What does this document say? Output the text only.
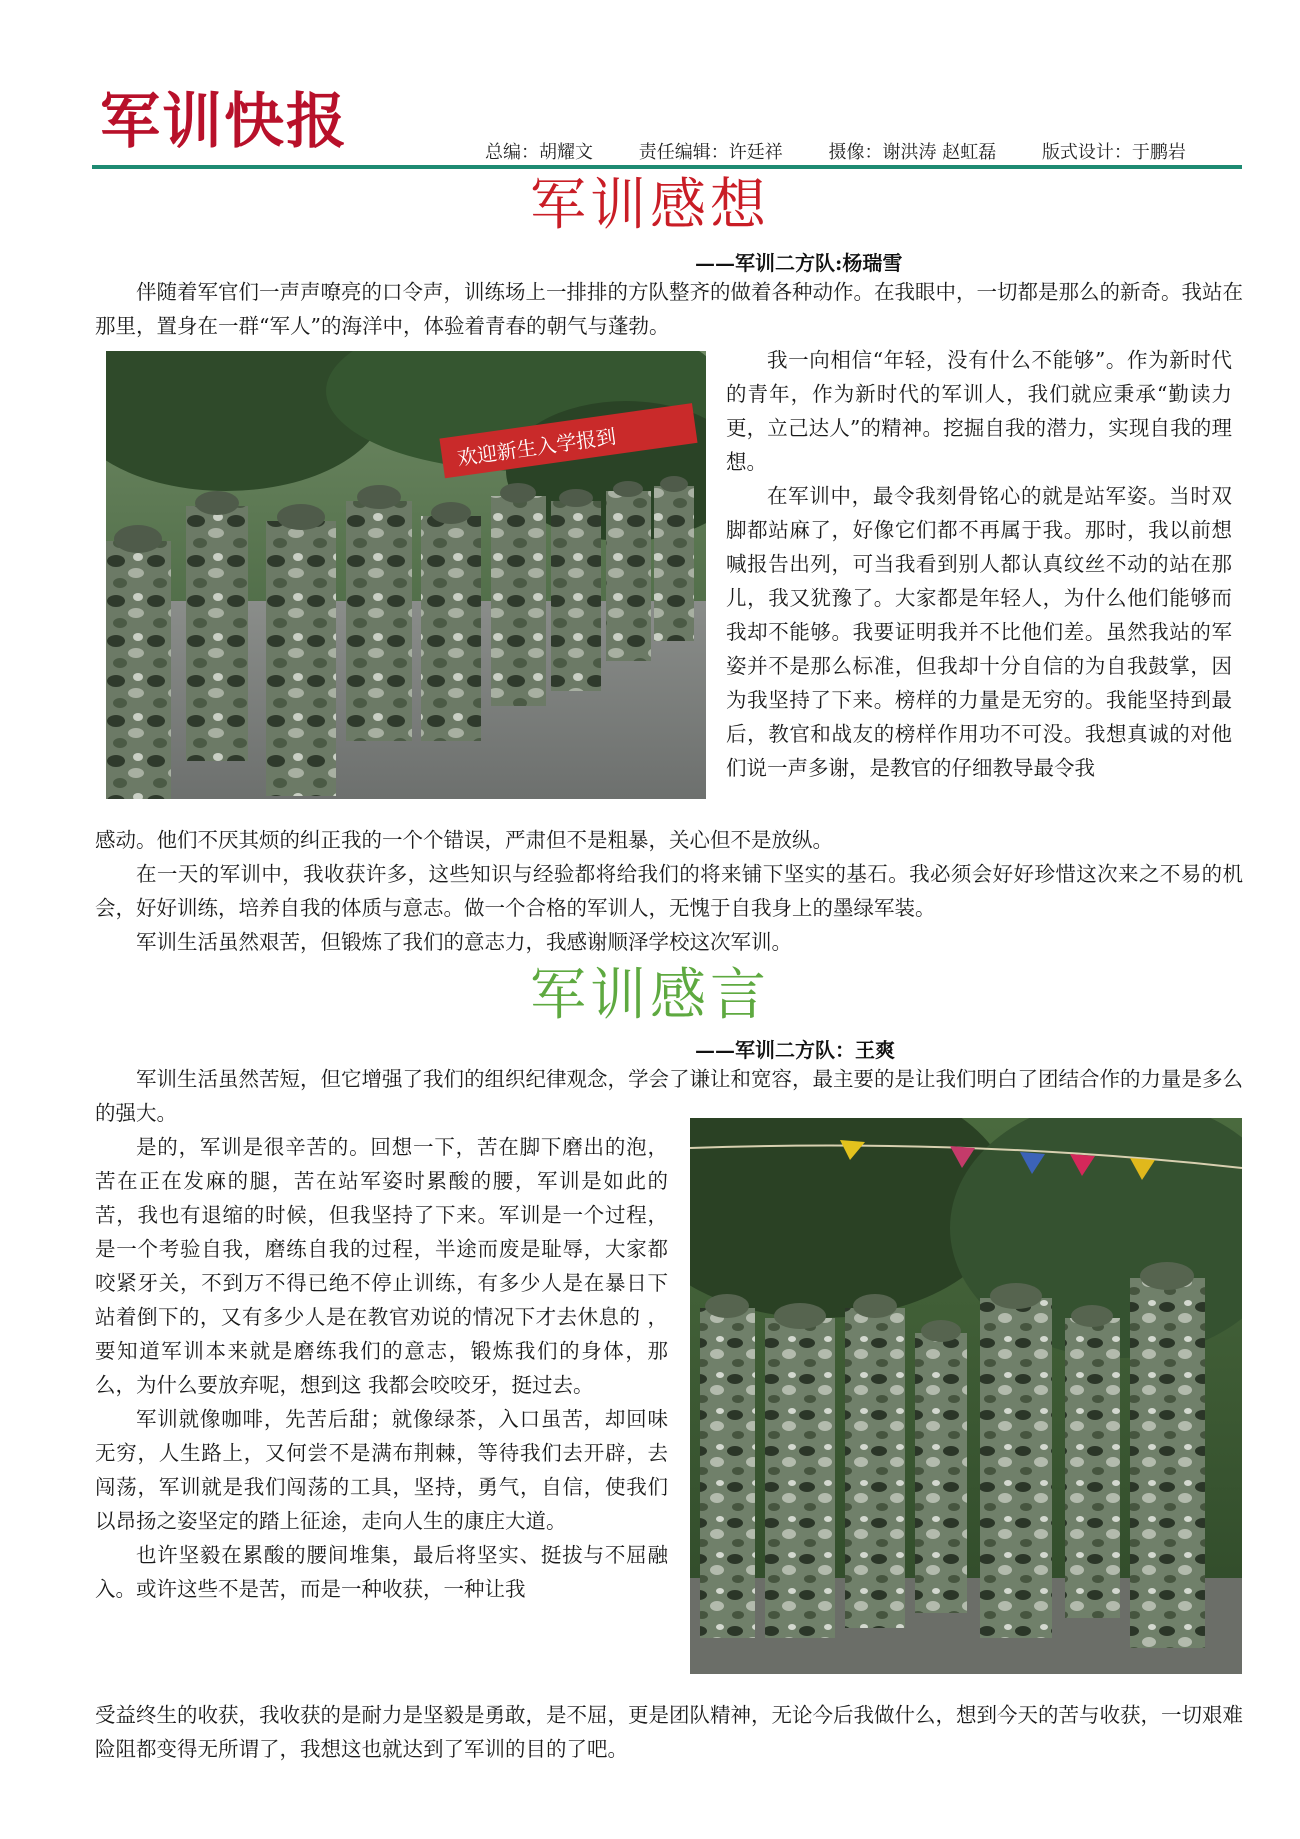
军训快报	总编：胡耀文	责任编辑：许廷祥	摄像：谢洪涛 赵虹磊	版式设计：于鹏岩
军训感想
——军训二方队:杨瑞雪

伴随着军官们一声声嘹亮的口令声，训练场上一排排的方队整齐的做着各种动作。在我眼中，一切都是那么的新奇。我站在那里，置身在一群“军人”的海洋中，体验着青春的朝气与蓬勃。

欢迎新生入学报到

我一向相信“年轻，没有什么不能够”。作为新时代的青年，作为新时代的军训人，我们就应秉承“勤读力更，立己达人”的精神。挖掘自我的潜力，实现自我的理想。

在军训中，最令我刻骨铭心的就是站军姿。当时双脚都站麻了，好像它们都不再属于我。那时，我以前想喊报告出列，可当我看到别人都认真纹丝不动的站在那儿，我又犹豫了。大家都是年轻人，为什么他们能够而我却不能够。我要证明我并不比他们差。虽然我站的军姿并不是那么标准，但我却十分自信的为自我鼓掌，因为我坚持了下来。榜样的力量是无穷的。我能坚持到最后，教官和战友的榜样作用功不可没。我想真诚的对他们说一声多谢，是教官的仔细教导最令我

感动。他们不厌其烦的纠正我的一个个错误，严肃但不是粗暴，关心但不是放纵。

在一天的军训中，我收获许多，这些知识与经验都将给我们的将来铺下坚实的基石。我必须会好好珍惜这次来之不易的机会，好好训练，培养自我的体质与意志。做一个合格的军训人，无愧于自我身上的墨绿军装。

军训生活虽然艰苦，但锻炼了我们的意志力，我感谢顺泽学校这次军训。

军训感言
——军训二方队：王爽

军训生活虽然苦短，但它增强了我们的组织纪律观念，学会了谦让和宽容，最主要的是让我们明白了团结合作的力量是多么的强大。

是的，军训是很辛苦的。回想一下，苦在脚下磨出的泡，苦在正在发麻的腿，苦在站军姿时累酸的腰，军训是如此的苦，我也有退缩的时候，但我坚持了下来。军训是一个过程，是一个考验自我，磨练自我的过程，半途而废是耻辱，大家都咬紧牙关，不到万不得已绝不停止训练，有多少人是在暴日下站着倒下的，又有多少人是在教官劝说的情况下才去休息的 ，要知道军训本来就是磨练我们的意志，锻炼我们的身体，那么，为什么要放弃呢，想到这 我都会咬咬牙，挺过去。

军训就像咖啡，先苦后甜；就像绿茶，入口虽苦，却回味无穷，人生路上，又何尝不是满布荆棘，等待我们去开辟，去闯荡，军训就是我们闯荡的工具，坚持，勇气，自信，使我们以昂扬之姿坚定的踏上征途，走向人生的康庄大道。

也许坚毅在累酸的腰间堆集，最后将坚实、挺拔与不屈融入。或许这些不是苦，而是一种收获，一种让我

受益终生的收获，我收获的是耐力是坚毅是勇敢，是不屈，更是团队精神，无论今后我做什么，想到今天的苦与收获，一切艰难险阻都变得无所谓了，我想这也就达到了军训的目的了吧。
